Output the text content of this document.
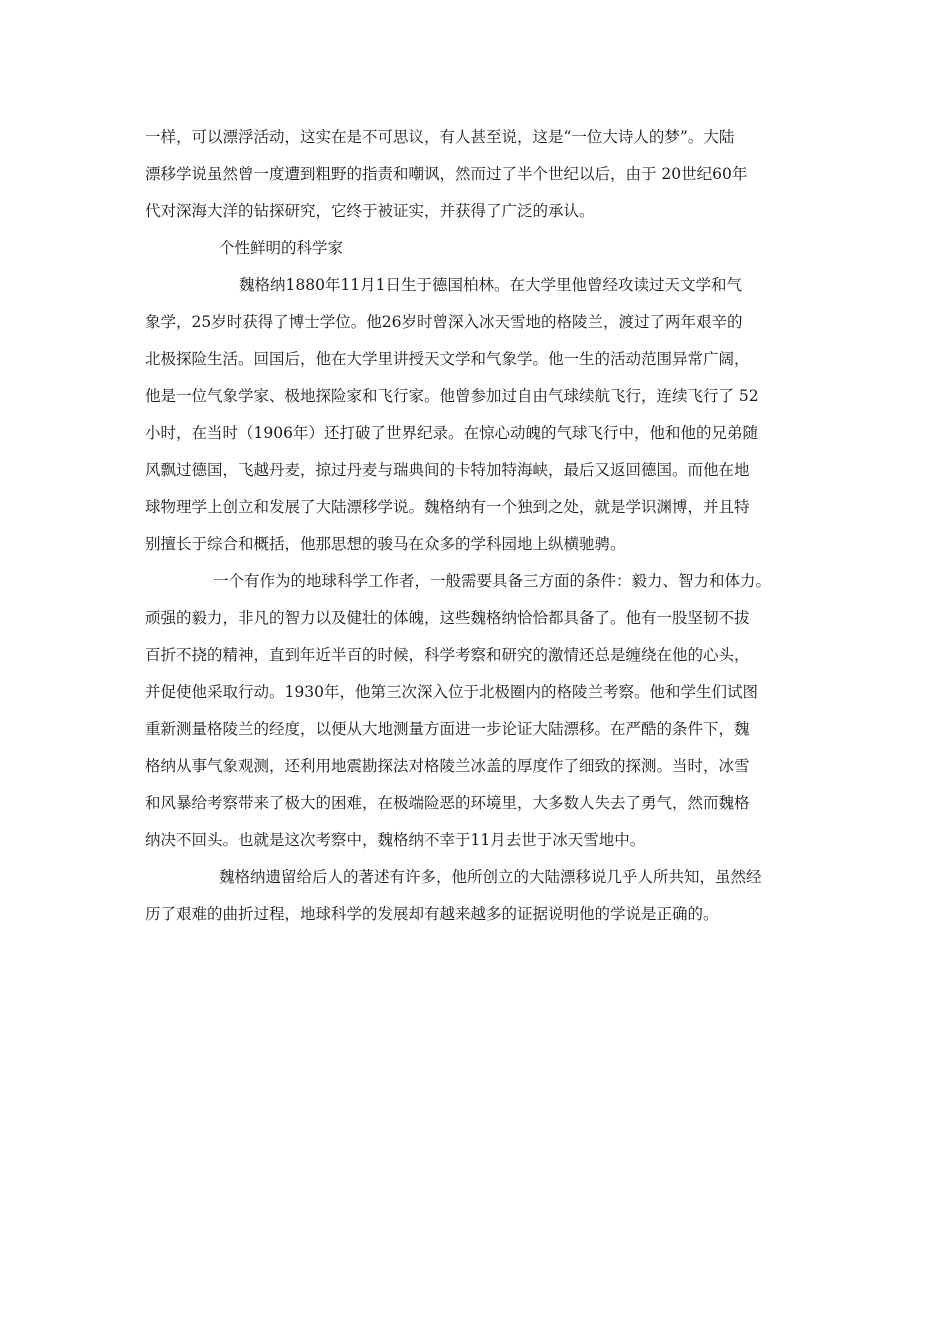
一样，可以漂浮活动，这实在是不可思议，有人甚至说，这是“一位大诗人的梦”。大陆
漂移学说虽然曾一度遭到粗野的指责和嘲讽，然而过了半个世纪以后，由于 20世纪60年
代对深海大洋的钻探研究，它终于被证实，并获得了广泛的承认。
个性鲜明的科学家
魏格纳1880年11月1日生于德国柏林。在大学里他曾经攻读过天文学和气
象学，25岁时获得了博士学位。他26岁时曾深入冰天雪地的格陵兰，渡过了两年艰辛的
北极探险生活。回国后，他在大学里讲授天文学和气象学。他一生的活动范围异常广阔，
他是一位气象学家、极地探险家和飞行家。他曾参加过自由气球续航飞行，连续飞行了 52
小时，在当时（1906年）还打破了世界纪录。在惊心动魄的气球飞行中，他和他的兄弟随
风飘过德国，飞越丹麦，掠过丹麦与瑞典间的卡特加特海峡，最后又返回德国。而他在地
球物理学上创立和发展了大陆漂移学说。魏格纳有一个独到之处，就是学识渊博，并且特
别擅长于综合和概括，他那思想的骏马在众多的学科园地上纵横驰骋。
一个有作为的地球科学工作者，一般需要具备三方面的条件：毅力、智力和体力。
顽强的毅力，非凡的智力以及健壮的体魄，这些魏格纳恰恰都具备了。他有一股坚韧不拔
百折不挠的精神，直到年近半百的时候，科学考察和研究的激情还总是缠绕在他的心头，
并促使他采取行动。1930年，他第三次深入位于北极圈内的格陵兰考察。他和学生们试图
重新测量格陵兰的经度，以便从大地测量方面进一步论证大陆漂移。在严酷的条件下，魏
格纳从事气象观测，还利用地震勘探法对格陵兰冰盖的厚度作了细致的探测。当时，冰雪
和风暴给考察带来了极大的困难，在极端险恶的环境里，大多数人失去了勇气，然而魏格
纳决不回头。也就是这次考察中，魏格纳不幸于11月去世于冰天雪地中。
魏格纳遗留给后人的著述有许多，他所创立的大陆漂移说几乎人所共知，虽然经
历了艰难的曲折过程，地球科学的发展却有越来越多的证据说明他的学说是正确的。
